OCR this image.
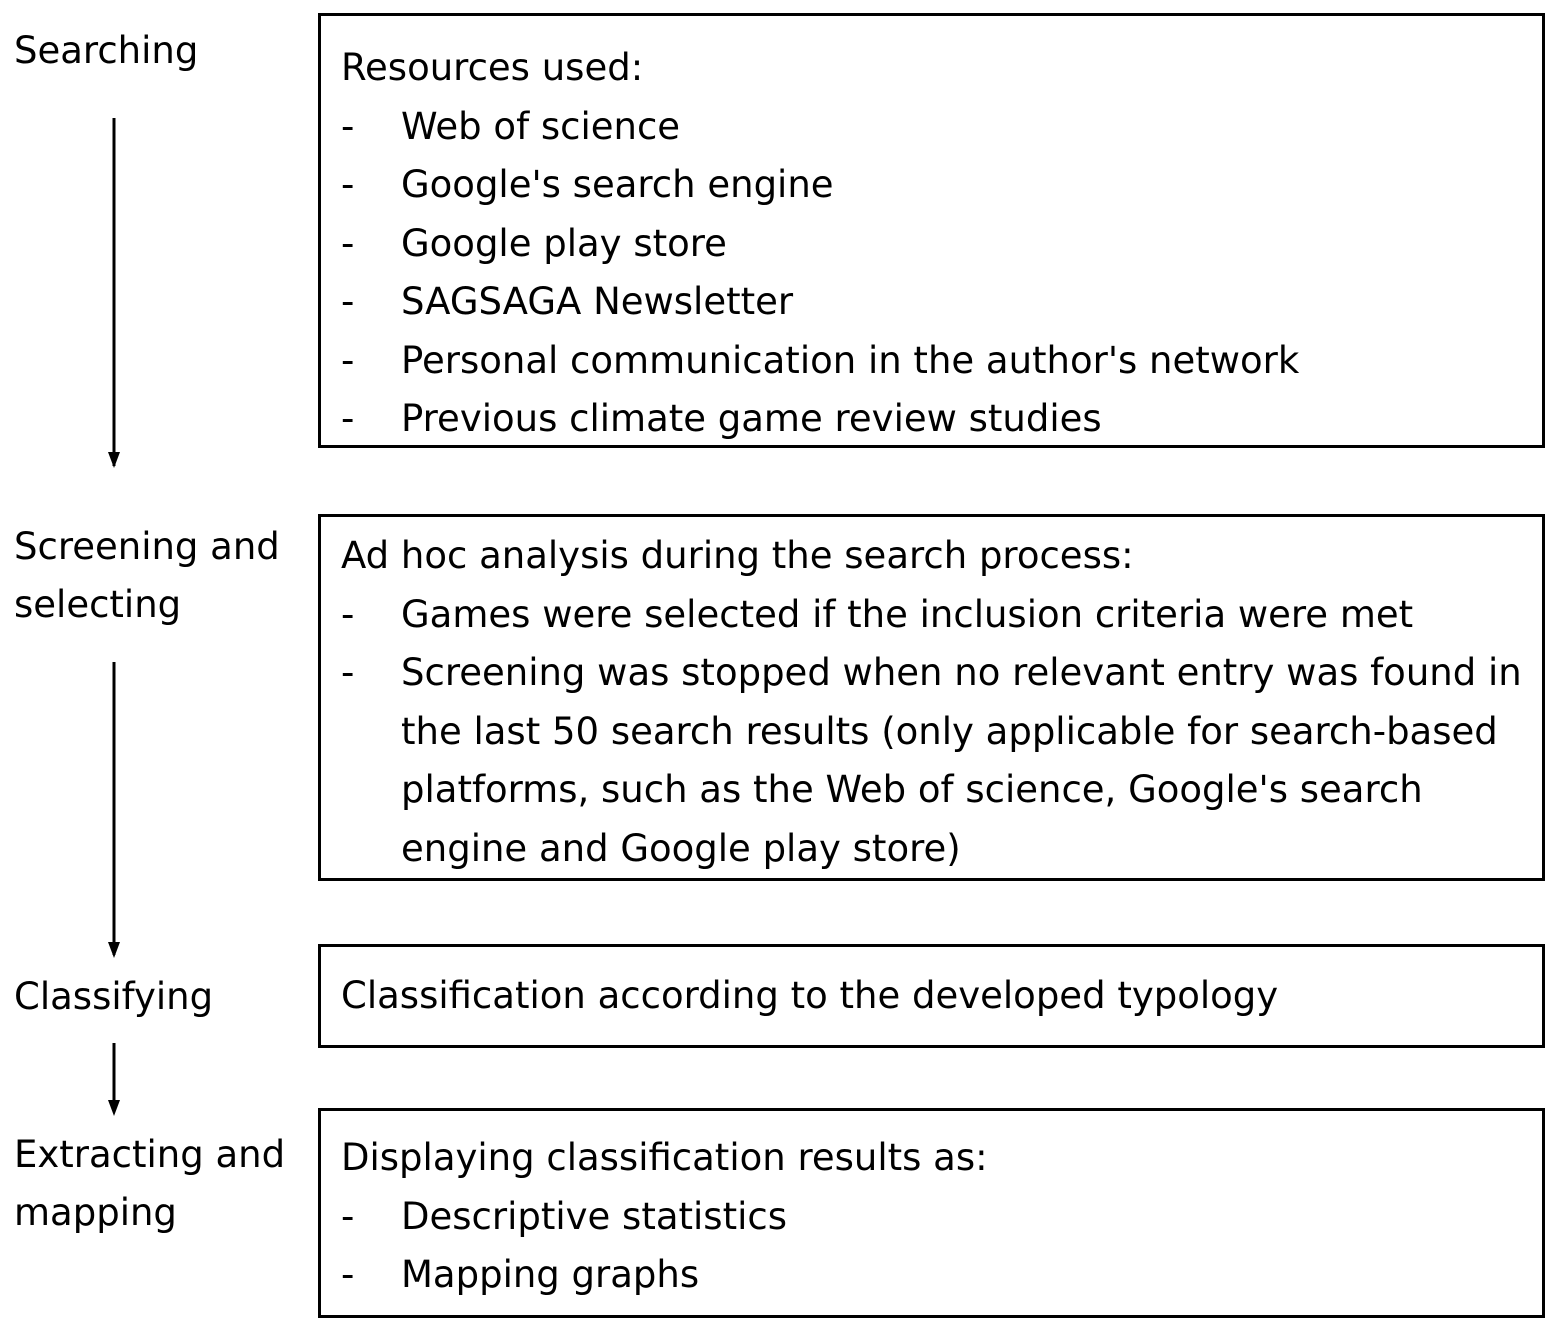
Searching
Screening and selecting
Classifying
Extracting and mapping
Resources used:
-	Web of science
-	Google's search engine
-	Google play store
-	SAGSAGA Newsletter
-	Personal communication in the author's network
-	Previous climate game review studies
Ad hoc analysis during the search process:
-	Games were selected if the inclusion criteria were met
-	Screening was stopped when no relevant entry was found in the last 50 search results (only applicable for search-based platforms, such as the Web of science, Google's search engine and Google play store)
Classification according to the developed typology
Displaying classification results as:
-	Descriptive statistics
-	Mapping graphs
